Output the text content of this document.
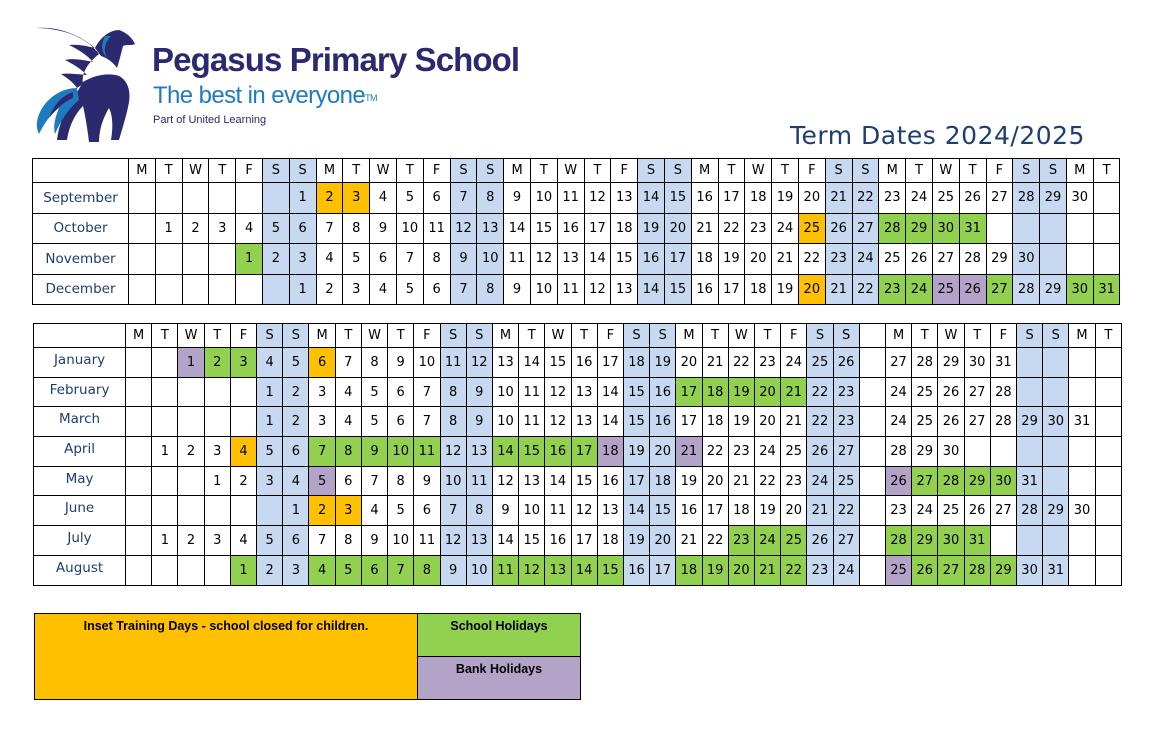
Pegasus Primary School
The best in everyone™
Part of United Learning
Term Dates 2024/2025
	M	T	W	T	F	S	S	M	T	W	T	F	S	S	M	T	W	T	F	S	S	M	T	W	T	F	S	S	M	T	W	T	F	S	S	M	T
September							1	2	3	4	5	6	7	8	9	10	11	12	13	14	15	16	17	18	19	20	21	22	23	24	25	26	27	28	29	30	
October		1	2	3	4	5	6	7	8	9	10	11	12	13	14	15	16	17	18	19	20	21	22	23	24	25	26	27	28	29	30	31					
November					1	2	3	4	5	6	7	8	9	10	11	12	13	14	15	16	17	18	19	20	21	22	23	24	25	26	27	28	29	30			
December							1	2	3	4	5	6	7	8	9	10	11	12	13	14	15	16	17	18	19	20	21	22	23	24	25	26	27	28	29	30	31
	M	T	W	T	F	S	S	M	T	W	T	F	S	S	M	T	W	T	F	S	S	M	T	W	T	F	S	S		M	T	W	T	F	S	S	M	T
January			1	2	3	4	5	6	7	8	9	10	11	12	13	14	15	16	17	18	19	20	21	22	23	24	25	26		27	28	29	30	31				
February						1	2	3	4	5	6	7	8	9	10	11	12	13	14	15	16	17	18	19	20	21	22	23		24	25	26	27	28				
March						1	2	3	4	5	6	7	8	9	10	11	12	13	14	15	16	17	18	19	20	21	22	23		24	25	26	27	28	29	30	31	
April		1	2	3	4	5	6	7	8	9	10	11	12	13	14	15	16	17	18	19	20	21	22	23	24	25	26	27		28	29	30						
May				1	2	3	4	5	6	7	8	9	10	11	12	13	14	15	16	17	18	19	20	21	22	23	24	25		26	27	28	29	30	31			
June							1	2	3	4	5	6	7	8	9	10	11	12	13	14	15	16	17	18	19	20	21	22		23	24	25	26	27	28	29	30	
July		1	2	3	4	5	6	7	8	9	10	11	12	13	14	15	16	17	18	19	20	21	22	23	24	25	26	27		28	29	30	31					
August					1	2	3	4	5	6	7	8	9	10	11	12	13	14	15	16	17	18	19	20	21	22	23	24		25	26	27	28	29	30	31		
Inset Training Days - school closed for children.	School Holidays
Bank Holidays
